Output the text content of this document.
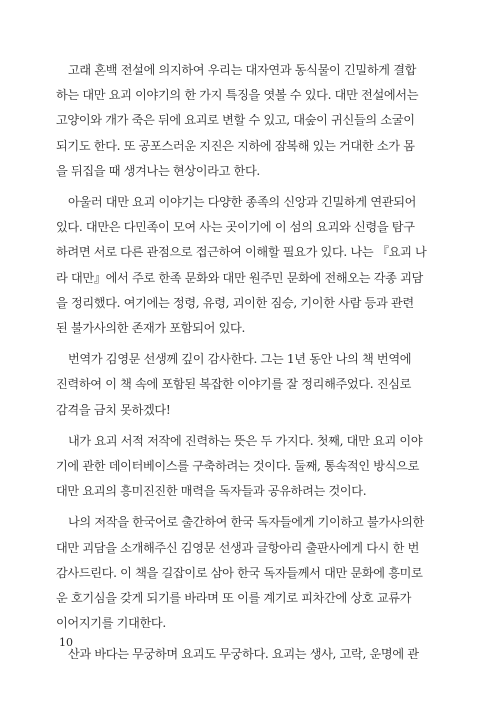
고래 혼백 전설에 의지하여 우리는 대자연과 동식물이 긴밀하게 결합
하는 대만 요괴 이야기의 한 가지 특징을 엿볼 수 있다. 대만 전설에서는
고양이와 개가 죽은 뒤에 요괴로 변할 수 있고, 대숲이 귀신들의 소굴이
되기도 한다. 또 공포스러운 지진은 지하에 잠복해 있는 거대한 소가 몸
을 뒤집을 때 생겨나는 현상이라고 한다.

아울러 대만 요괴 이야기는 다양한 종족의 신앙과 긴밀하게 연관되어
있다. 대만은 다민족이 모여 사는 곳이기에 이 섬의 요괴와 신령을 탐구
하려면 서로 다른 관점으로 접근하여 이해할 필요가 있다. 나는 『요괴 나
라 대만』에서 주로 한족 문화와 대만 원주민 문화에 전해오는 각종 괴담
을 정리했다. 여기에는 정령, 유령, 괴이한 짐승, 기이한 사람 등과 관련
된 불가사의한 존재가 포함되어 있다.

번역가 김영문 선생께 깊이 감사한다. 그는 1년 동안 나의 책 번역에
진력하여 이 책 속에 포함된 복잡한 이야기를 잘 정리해주었다. 진심로
감격을 금치 못하겠다!

내가 요괴 서적 저작에 진력하는 뜻은 두 가지다. 첫째, 대만 요괴 이야
기에 관한 데이터베이스를 구축하려는 것이다. 둘째, 통속적인 방식으로
대만 요괴의 흥미진진한 매력을 독자들과 공유하려는 것이다.

나의 저작을 한국어로 출간하여 한국 독자들에게 기이하고 불가사의한
대만 괴담을 소개해주신 김영문 선생과 글항아리 출판사에게 다시 한 번
감사드린다. 이 책을 길잡이로 삼아 한국 독자들께서 대만 문화에 흥미로
운 호기심을 갖게 되기를 바라며 또 이를 계기로 피차간에 상호 교류가
이어지기를 기대한다.

산과 바다는 무궁하며 요괴도 무궁하다. 요괴는 생사, 고락, 운명에 관

10
